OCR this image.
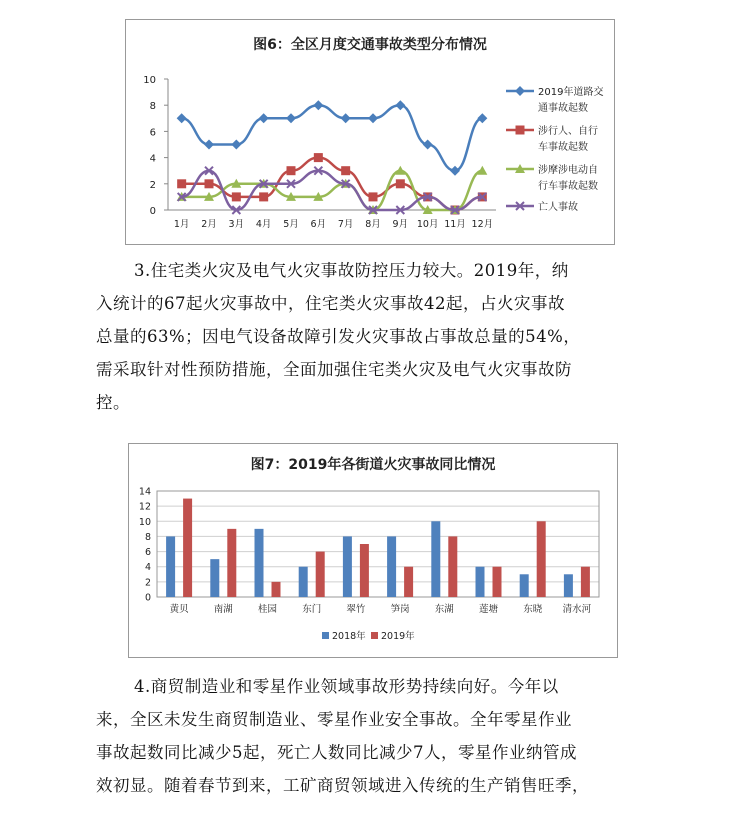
图6：全区月度交通事故类型分布情况
0
2
4
6
8
10
1月 2月 3月 4月 5月 6月 7月 8月 9月 10月 11月 12月
2019年道路交
通事故起数
涉行人、自行
车事故起数
涉摩涉电动自
行车事故起数
亡人事故
3.住宅类火灾及电气火灾事故防控压力较大。2019年，纳
入统计的67起火灾事故中，住宅类火灾事故42起，占火灾事故
总量的63%；因电气设备故障引发火灾事故占事故总量的54%，
需采取针对性预防措施，全面加强住宅类火灾及电气火灾事故防
控。
图7：2019年各街道火灾事故同比情况
0
2
4
6
8
10
12
14
黄贝	南湖	桂园	东门	翠竹	笋岗	东湖	莲塘	东晓 清水河
2018年 2019年
4.商贸制造业和零星作业领域事故形势持续向好。今年以
来，全区未发生商贸制造业、零星作业安全事故。全年零星作业
事故起数同比减少5起，死亡人数同比减少7人，零星作业纳管成
效初显。随着春节到来，工矿商贸领域进入传统的生产销售旺季，
